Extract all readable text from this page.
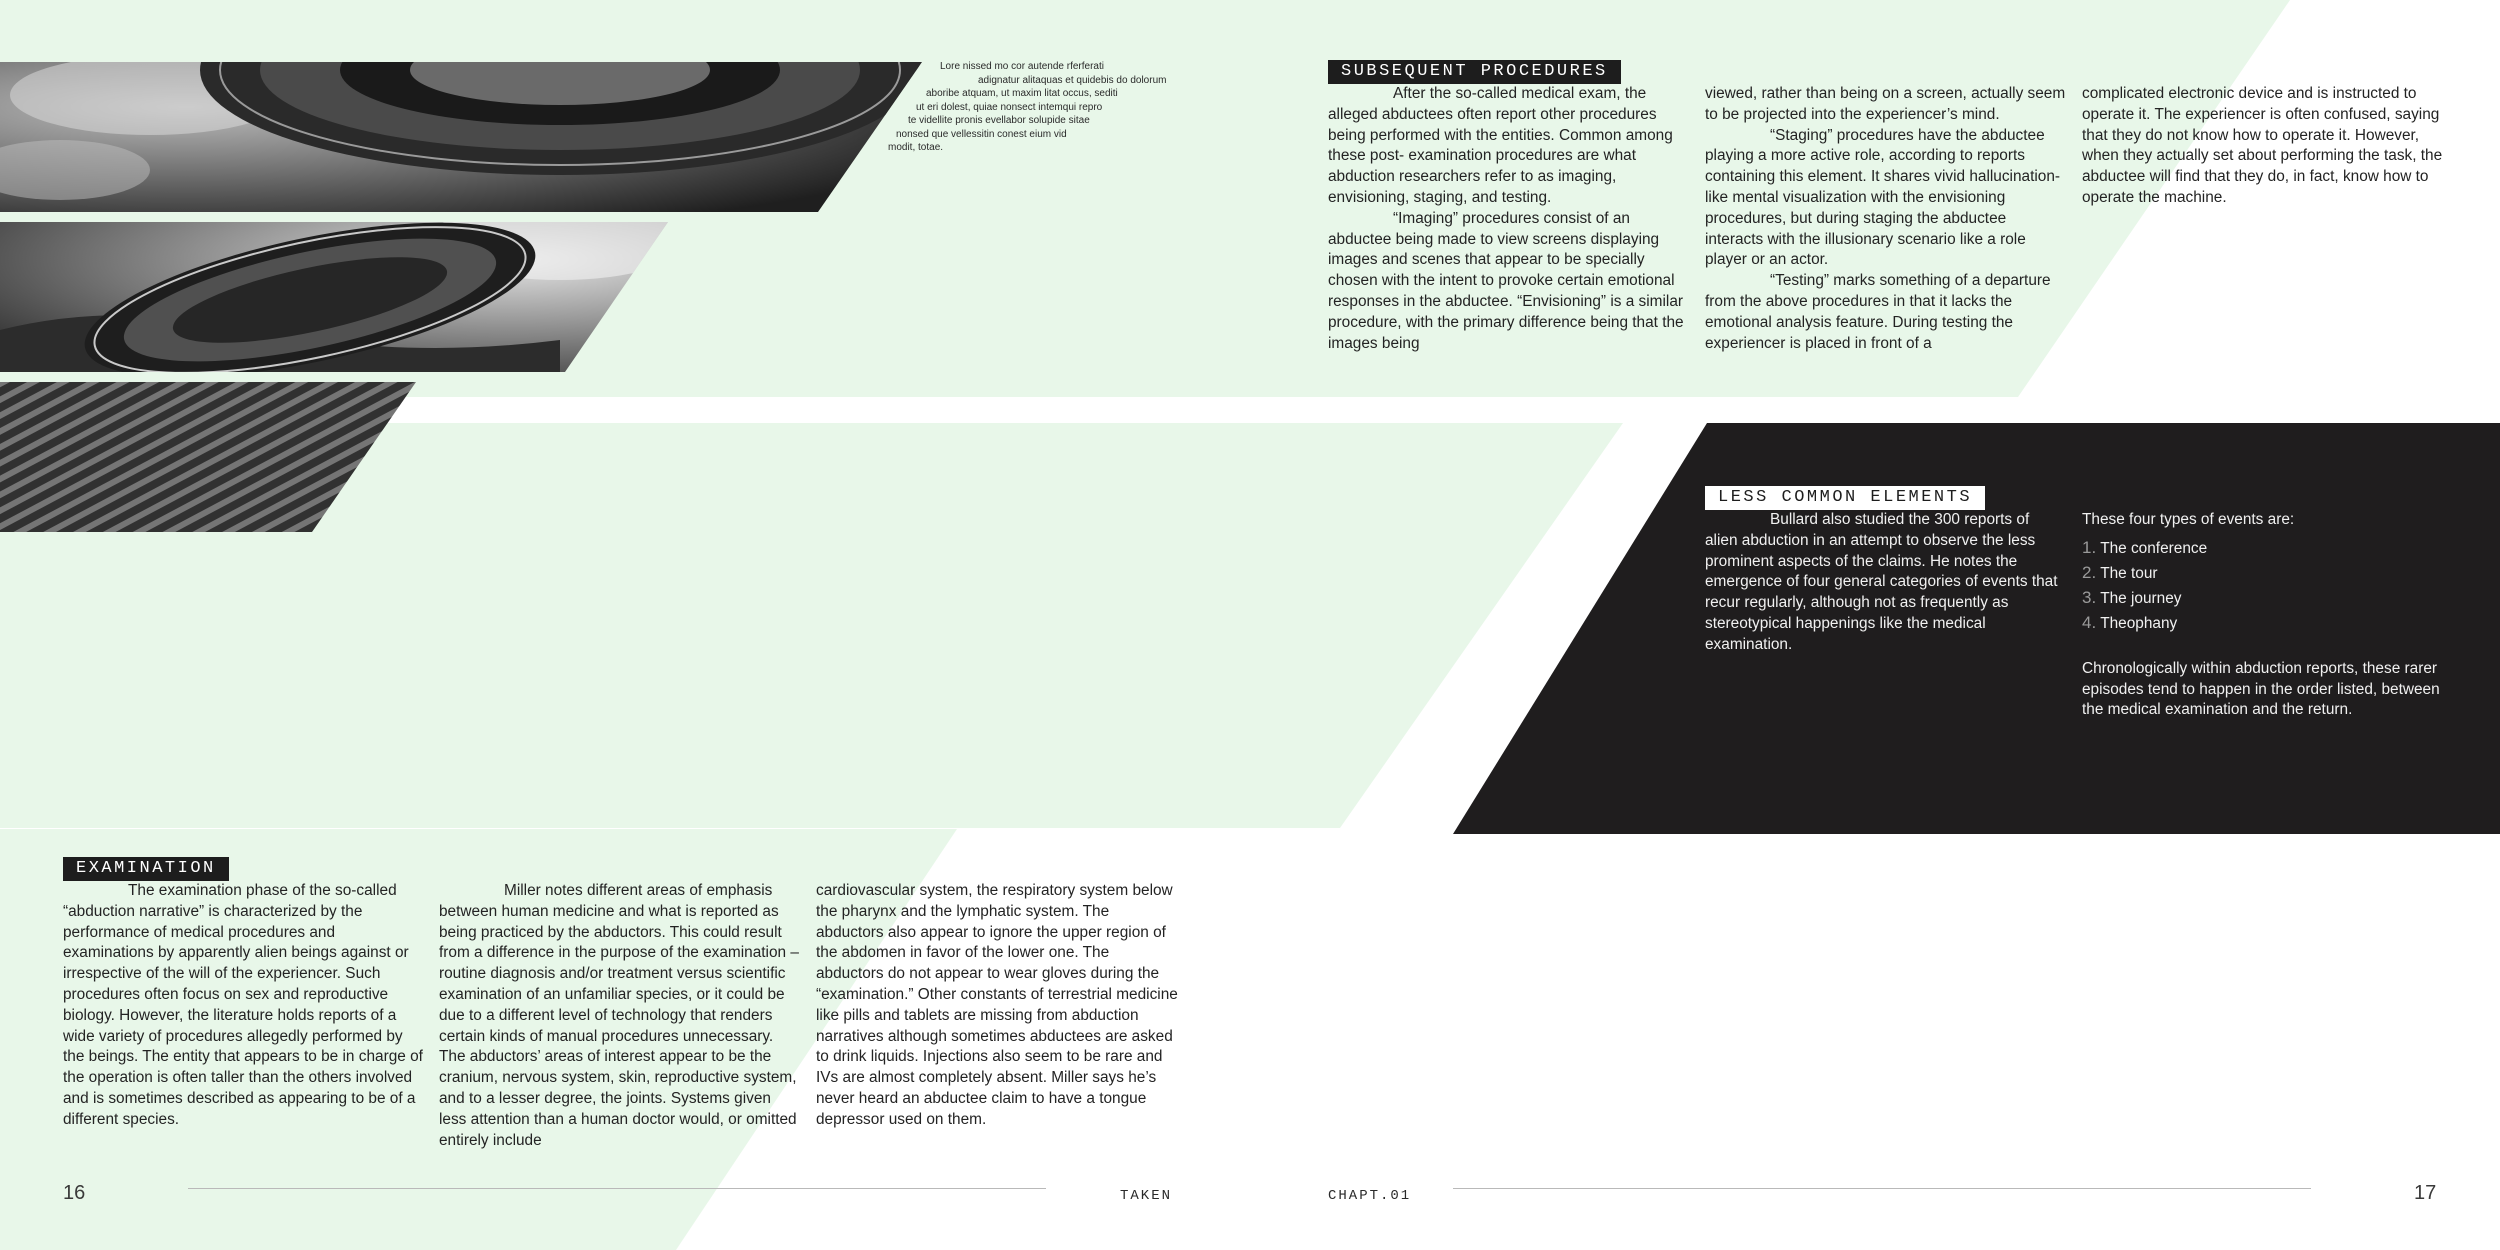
Lore nissed mo cor autende rferferati
adignatur alitaquas et quidebis do dolorum
aboribe atquam, ut maxim litat occus, sediti
ut eri dolest, quiae nonsect intemqui repro
te videllite pronis evellabor solupide sitae
nonsed que vellessitin conest eium vid
modit, totae.
SUBSEQUENT PROCEDURES

After the so-called medical exam, the alleged abductees often report other procedures being performed with the entities. Common among these post- examination procedures are what abduction researchers refer to as imaging, envisioning, staging, and testing.

“Imaging” procedures consist of an abductee being made to view screens displaying images and scenes that appear to be specially chosen with the intent to provoke certain emotional responses in the abductee. “Envisioning” is a similar procedure, with the primary difference being that the images being

viewed, rather than being on a screen, actually seem to be projected into the experiencer’s mind.

“Staging” procedures have the abductee playing a more active role, according to reports containing this element. It shares vivid hallucination-like mental visualization with the envisioning procedures, but during staging the abductee interacts with the illusionary scenario like a role player or an actor.

“Testing” marks something of a departure from the above procedures in that it lacks the emotional analysis feature. During testing the experiencer is placed in front of a

complicated electronic device and is instructed to operate it. The experiencer is often confused, saying that they do not know how to operate it. However, when they actually set about performing the task, the abductee will find that they do, in fact, know how to operate the machine.

LESS COMMON ELEMENTS

Bullard also studied the 300 reports of alien abduction in an attempt to observe the less prominent aspects of the claims. He notes the emergence of four general categories of events that recur regularly, although not as frequently as stereotypical happenings like the medical examination.

These four types of events are:

1. The conference
2. The tour
3. The journey
4. Theophany

Chronologically within abduction reports, these rarer episodes tend to happen in the order listed, between the medical examination and the return.

EXAMINATION

The examination phase of the so-called “abduction narrative” is characterized by the performance of medical procedures and examinations by apparently alien beings against or irrespective of the will of the experiencer. Such procedures often focus on sex and reproductive biology. However, the literature holds reports of a wide variety of procedures allegedly performed by the beings. The entity that appears to be in charge of the operation is often taller than the others involved and is sometimes described as appearing to be of a different species.

Miller notes different areas of emphasis between human medicine and what is reported as being practiced by the abductors. This could result from a difference in the purpose of the examination – routine diagnosis and/or treatment versus scientific examination of an unfamiliar species, or it could be due to a different level of technology that renders certain kinds of manual procedures unnecessary. The abductors’ areas of interest appear to be the cranium, nervous system, skin, reproductive system, and to a lesser degree, the joints. Systems given less attention than a human doctor would, or omitted entirely include

cardiovascular system, the respiratory system below the pharynx and the lymphatic system. The abductors also appear to ignore the upper region of the abdomen in favor of the lower one. The abductors do not appear to wear gloves during the “examination.” Other constants of terrestrial medicine like pills and tablets are missing from abduction narratives although sometimes abductees are asked to drink liquids. Injections also seem to be rare and IVs are almost completely absent. Miller says he’s never heard an abductee claim to have a tongue depressor used on them.

16	TAKEN	CHAPT.01	17
